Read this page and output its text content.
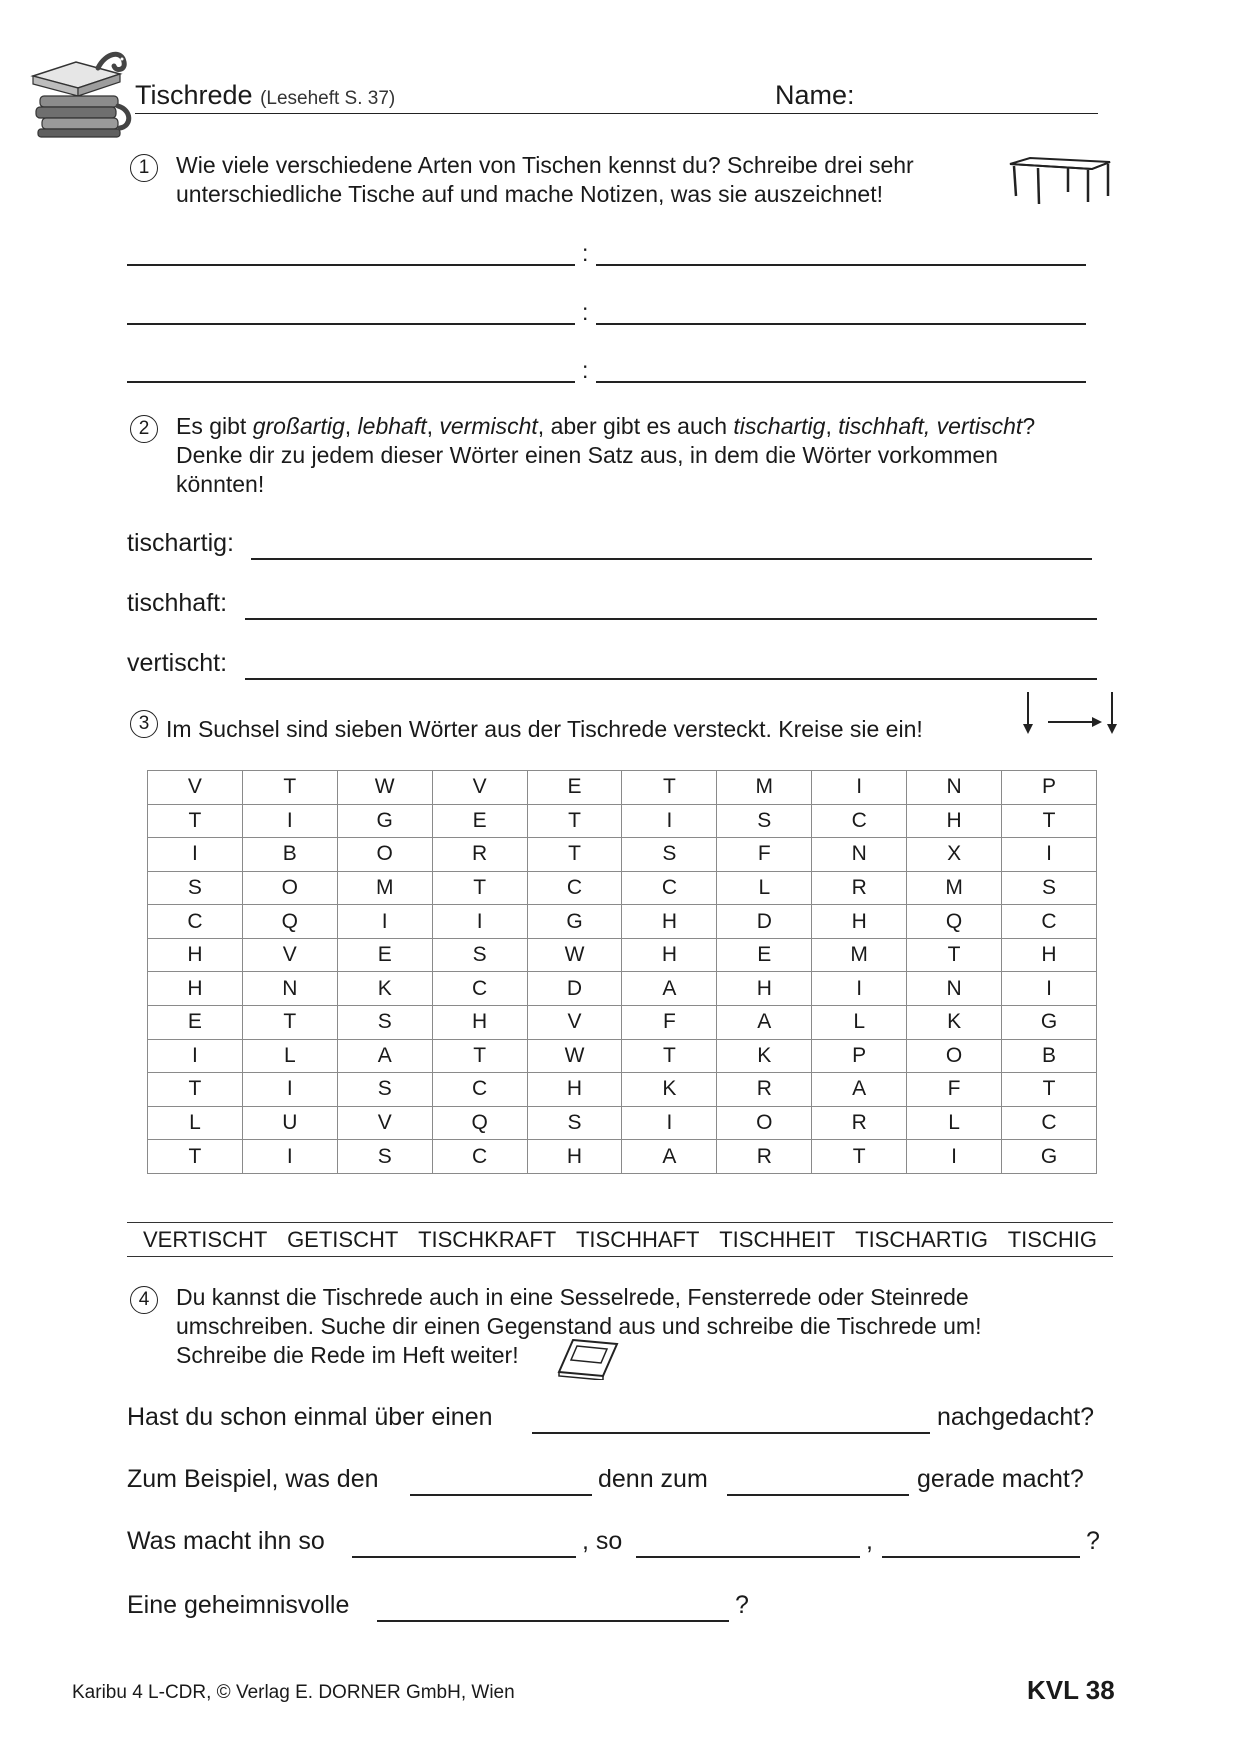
Tischrede (Leseheft S. 37)	Name:
1	Wie viele verschiedene Arten von Tischen kennst du? Schreibe drei sehr
unterschiedliche Tische auf und mache Notizen, was sie auszeichnet!
:
:
:
2	Es gibt großartig, lebhaft, vermischt, aber gibt es auch tischartig, tischhaft, vertischt?
Denke dir zu jedem dieser Wörter einen Satz aus, in dem die Wörter vorkommen
könnten!
tischartig:
tischhaft:
vertischt:
3 Im Suchsel sind sieben Wörter aus der Tischrede versteckt. Kreise sie ein!
V	T	W	V	E	T	M	I	N	P
T	I	G	E	T	I	S	C	H	T
I	B	O	R	T	S	F	N	X	I
S	O	M	T	C	C	L	R	M	S
C	Q	I	I	G	H	D	H	Q	C
H	V	E	S	W	H	E	M	T	H
H	N	K	C	D	A	H	I	N	I
E	T	S	H	V	F	A	L	K	G
I	L	A	T	W	T	K	P	O	B
T	I	S	C	H	K	R	A	F	T
L	U	V	Q	S	I	O	R	L	C
T	I	S	C	H	A	R	T	I	G
VERTISCHT GETISCHT TISCHKRAFT TISCHHAFT TISCHHEIT TISCHARTIG TISCHIG
4	Du kannst die Tischrede auch in eine Sesselrede, Fensterrede oder Steinrede
umschreiben. Suche dir einen Gegenstand aus und schreibe die Tischrede um!
Schreibe die Rede im Heft weiter!
Hast du schon einmal über einen	nachgedacht?
Zum Beispiel, was den	denn zum	gerade macht?
Was macht ihn so	, so	,	?
Eine geheimnisvolle	?
Karibu 4 L-CDR, © Verlag E. DORNER GmbH, Wien	KVL 38
